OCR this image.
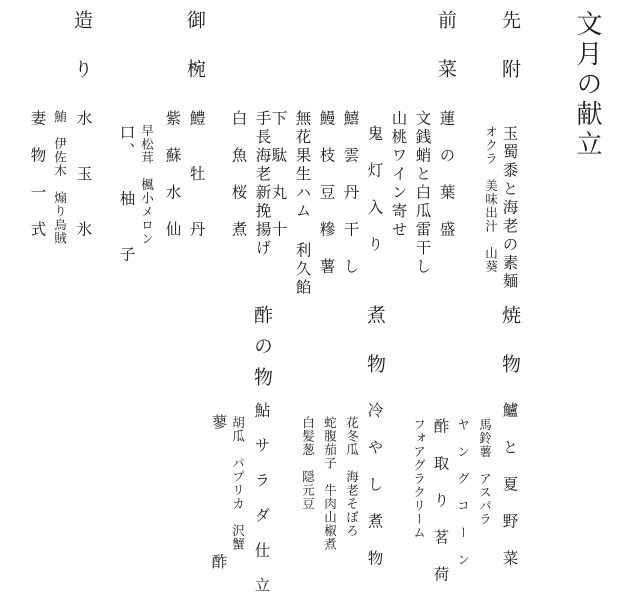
文月の献立
先附
玉蜀黍と海老の素麺
オクラ　美味出汁　山葵
前菜
蓮　の　葉　盛
文銭蛸と白瓜雷干し
山桃ワイン寄せ
鬼　灯　入　り
鱚　雲　丹　干　し
鰻　枝　豆　糝　薯
無花果生ハム 利久餡
下　駄　丸　十
手長海老新挽揚げ
白　魚　桜　煮
御椀
鱧　　牡　　丹
紫　蘇　水　仙
早松茸　楓小メロン
口、　　柚　　子
造り
水　　玉　　氷
鮪　伊佐木　煽り烏賊
妻　物　一　式
焼物
鱸　と　夏　野　菜
馬鈴薯　アスパラ
ヤ　ン　グ　コ　ー　ン
酢　取　り　茗　荷
フォアグラクリーム
煮物
冷　や　し　煮　物
花冬瓜　海老そぼろ
蛇腹茄子　牛肉山椒煮
白髪葱　隠元豆
酢の物
鮎　サ　ラ　ダ　仕　立
胡瓜　パプリカ　沢蟹
蓼　　　　　　　　酢
